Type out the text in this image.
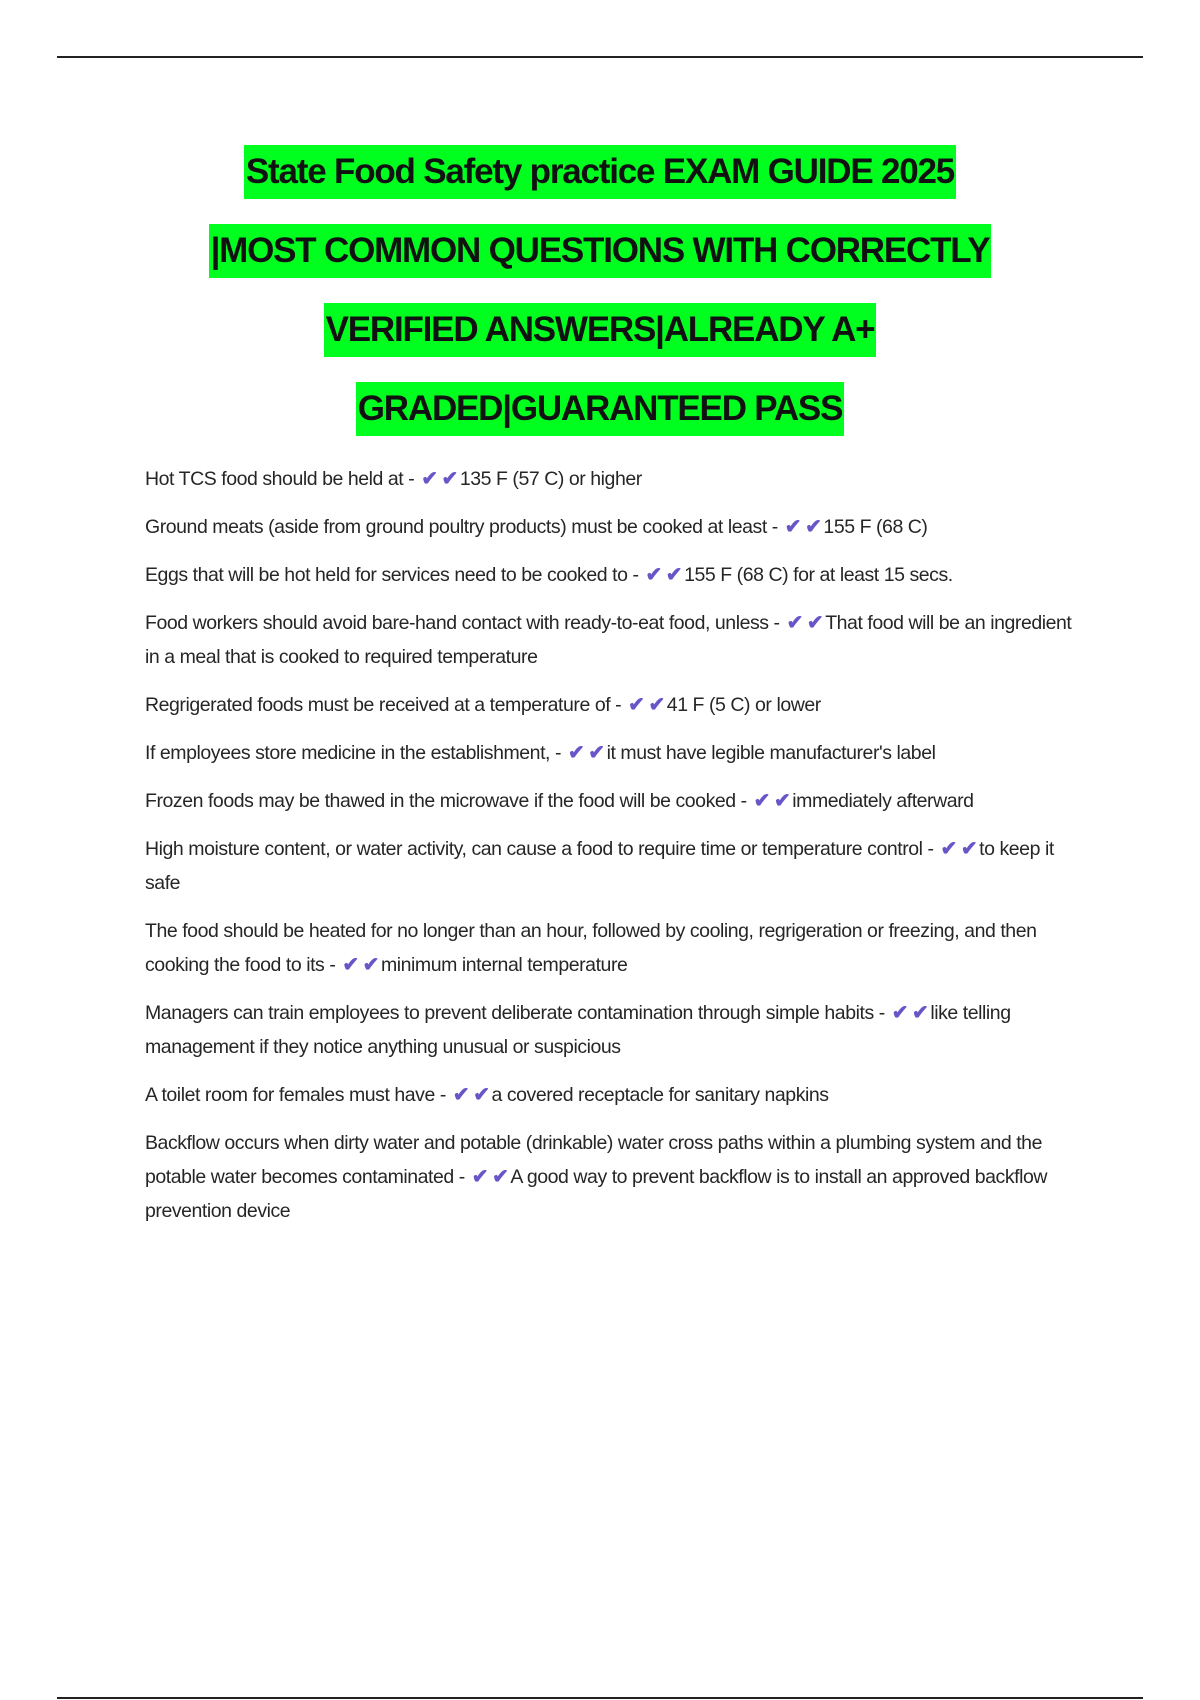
State Food Safety practice EXAM GUIDE 2025
|MOST COMMON QUESTIONS WITH CORRECTLY
VERIFIED ANSWERS|ALREADY A+
GRADED|GUARANTEED PASS
Hot TCS food should be held at - ✔ ✔ 135 F (57 C) or higher
Ground meats (aside from ground poultry products) must be cooked at least - ✔ ✔ 155 F (68 C)
Eggs that will be hot held for services need to be cooked to - ✔ ✔ 155 F (68 C) for at least 15 secs.
Food workers should avoid bare-hand contact with ready-to-eat food, unless - ✔ ✔ That food will be an ingredient in a meal that is cooked to required temperature
Regrigerated foods must be received at a temperature of - ✔ ✔ 41 F (5 C) or lower
If employees store medicine in the establishment, - ✔ ✔ it must have legible manufacturer's label
Frozen foods may be thawed in the microwave if the food will be cooked - ✔ ✔ immediately afterward
High moisture content, or water activity, can cause a food to require time or temperature control - ✔ ✔ to keep it safe
The food should be heated for no longer than an hour, followed by cooling, regrigeration or freezing, and then cooking the food to its - ✔ ✔ minimum internal temperature
Managers can train employees to prevent deliberate contamination through simple habits - ✔ ✔ like telling management if they notice anything unusual or suspicious
A toilet room for females must have - ✔ ✔ a covered receptacle for sanitary napkins
Backflow occurs when dirty water and potable (drinkable) water cross paths within a plumbing system and the potable water becomes contaminated - ✔ ✔ A good way to prevent backflow is to install an approved backflow prevention device
